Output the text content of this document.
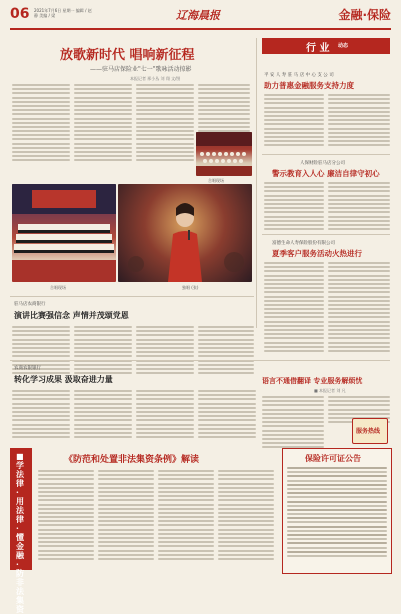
06 2021年7月6日 星期一 编辑 / 赵静 美编 / 梁	辽海晨报	金融·保险
放歌新时代 唱响新征程
——驻马店保险业"七一"歌咏活动掠影
本报记者 邢小丛 刘 翔 文/图
合唱现场
合唱现场	独唱 (张)
行 业 动态
平 安 人 寿 驻 马 店 中 心 支 公 司
助力普惠金融服务支持力度
人保财险驻马店分公司
警示教育入人心 廉洁自律守初心
富德生命人寿保险股份有限公司
夏季客户服务活动火热进行
驻马店农商银行
演讲比赛强信念 声情并茂颂党恩
农商农银银行
转化学习成果 汲取奋进力量	语言不通借翻译 专业服务解烦忧
■ 本报记者 刘 凡
服务热线
■学法律·用法律·懂金融·防非法集资
《防范和处置非法集资条例》解读	保险许可证公告
